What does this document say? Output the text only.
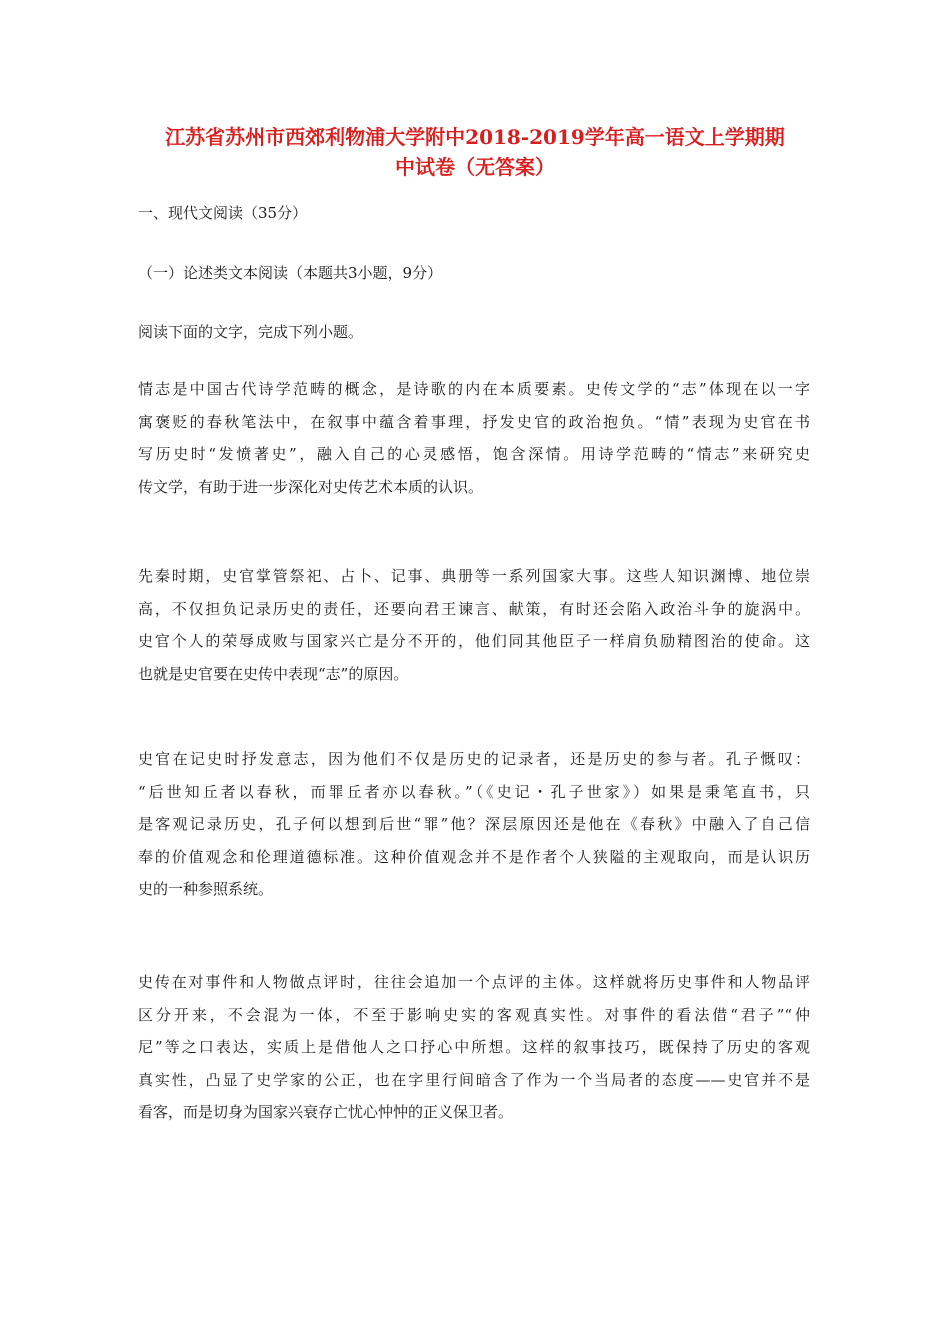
江苏省苏州市西郊利物浦大学附中2018-2019学年高一语文上学期期
中试卷（无答案）

一、现代文阅读（35分）

（一）论述类文本阅读（本题共3小题，9分）

阅读下面的文字，完成下列小题。

情志是中国古代诗学范畴的概念，是诗歌的内在本质要素。史传文学的“志”体现在以一字
寓褒贬的春秋笔法中，在叙事中蕴含着事理，抒发史官的政治抱负。“情”表现为史官在书
写历史时“发愤著史”，融入自己的心灵感悟，饱含深情。用诗学范畴的“情志”来研究史
传文学，有助于进一步深化对史传艺术本质的认识。
先秦时期，史官掌管祭祀、占卜、记事、典册等一系列国家大事。这些人知识渊博、地位崇
高，不仅担负记录历史的责任，还要向君王谏言、献策，有时还会陷入政治斗争的旋涡中。
史官个人的荣辱成败与国家兴亡是分不开的，他们同其他臣子一样肩负励精图治的使命。这
也就是史官要在史传中表现“志”的原因。
史官在记史时抒发意志，因为他们不仅是历史的记录者，还是历史的参与者。孔子慨叹：
“后世知丘者以春秋，而罪丘者亦以春秋。”（《史记・孔子世家》）如果是秉笔直书，只
是客观记录历史，孔子何以想到后世“罪”他？深层原因还是他在《春秋》中融入了自己信
奉的价值观念和伦理道德标准。这种价值观念并不是作者个人狭隘的主观取向，而是认识历
史的一种参照系统。
史传在对事件和人物做点评时，往往会追加一个点评的主体。这样就将历史事件和人物品评
区分开来，不会混为一体，不至于影响史实的客观真实性。对事件的看法借“君子”“仲
尼”等之口表达，实质上是借他人之口抒心中所想。这样的叙事技巧，既保持了历史的客观
真实性，凸显了史学家的公正，也在字里行间暗含了作为一个当局者的态度——史官并不是
看客，而是切身为国家兴衰存亡忧心忡忡的正义保卫者。
